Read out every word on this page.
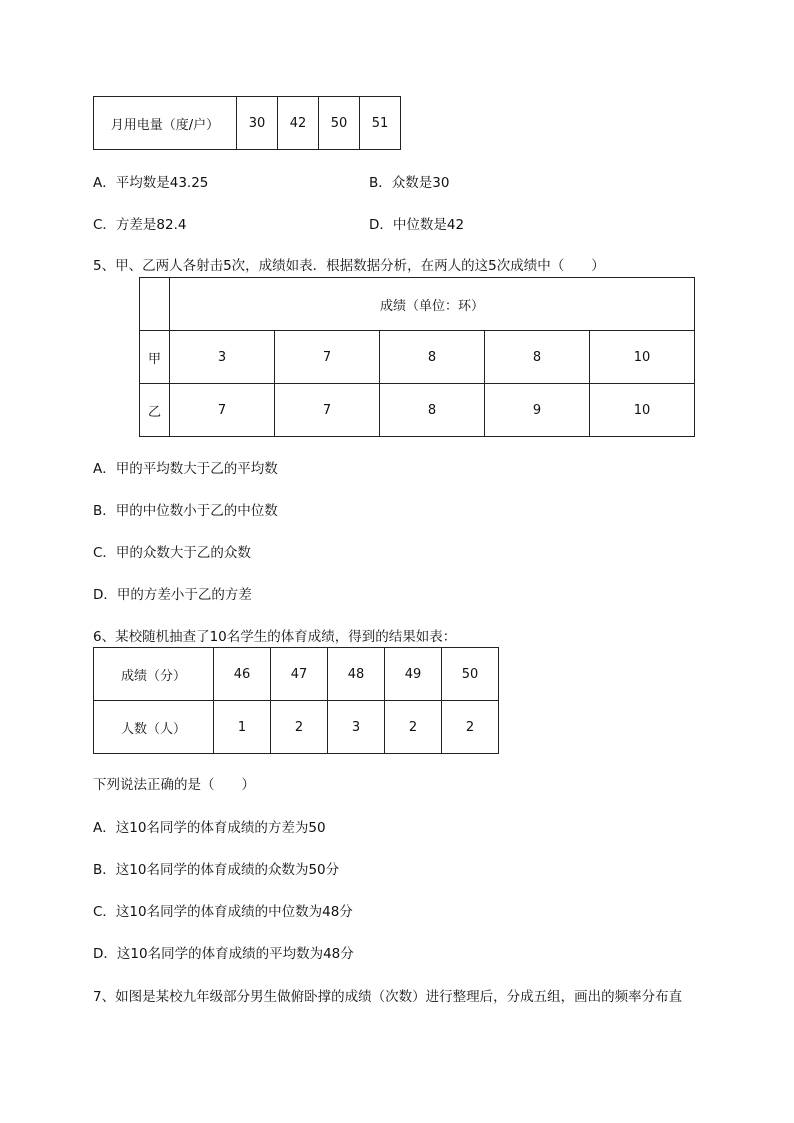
月用电量（度/户）	30	42	50	51
A．平均数是43.25	B．众数是30
C．方差是82.4	D．中位数是42
5、甲、乙两人各射击5次，成绩如表．根据数据分析，在两人的这5次成绩中（　　）
	成绩（单位：环）				
甲	3	7	8	8	10
乙	7	7	8	9	10
A．甲的平均数大于乙的平均数
B．甲的中位数小于乙的中位数
C．甲的众数大于乙的众数
D．甲的方差小于乙的方差
6、某校随机抽查了10名学生的体育成绩，得到的结果如表：
成绩（分）	46	47	48	49	50
人数（人）	1	2	3	2	2
下列说法正确的是（　　）
A．这10名同学的体育成绩的方差为50
B．这10名同学的体育成绩的众数为50分
C．这10名同学的体育成绩的中位数为48分
D．这10名同学的体育成绩的平均数为48分
7、如图是某校九年级部分男生做俯卧撑的成绩（次数）进行整理后，分成五组，画出的频率分布直
